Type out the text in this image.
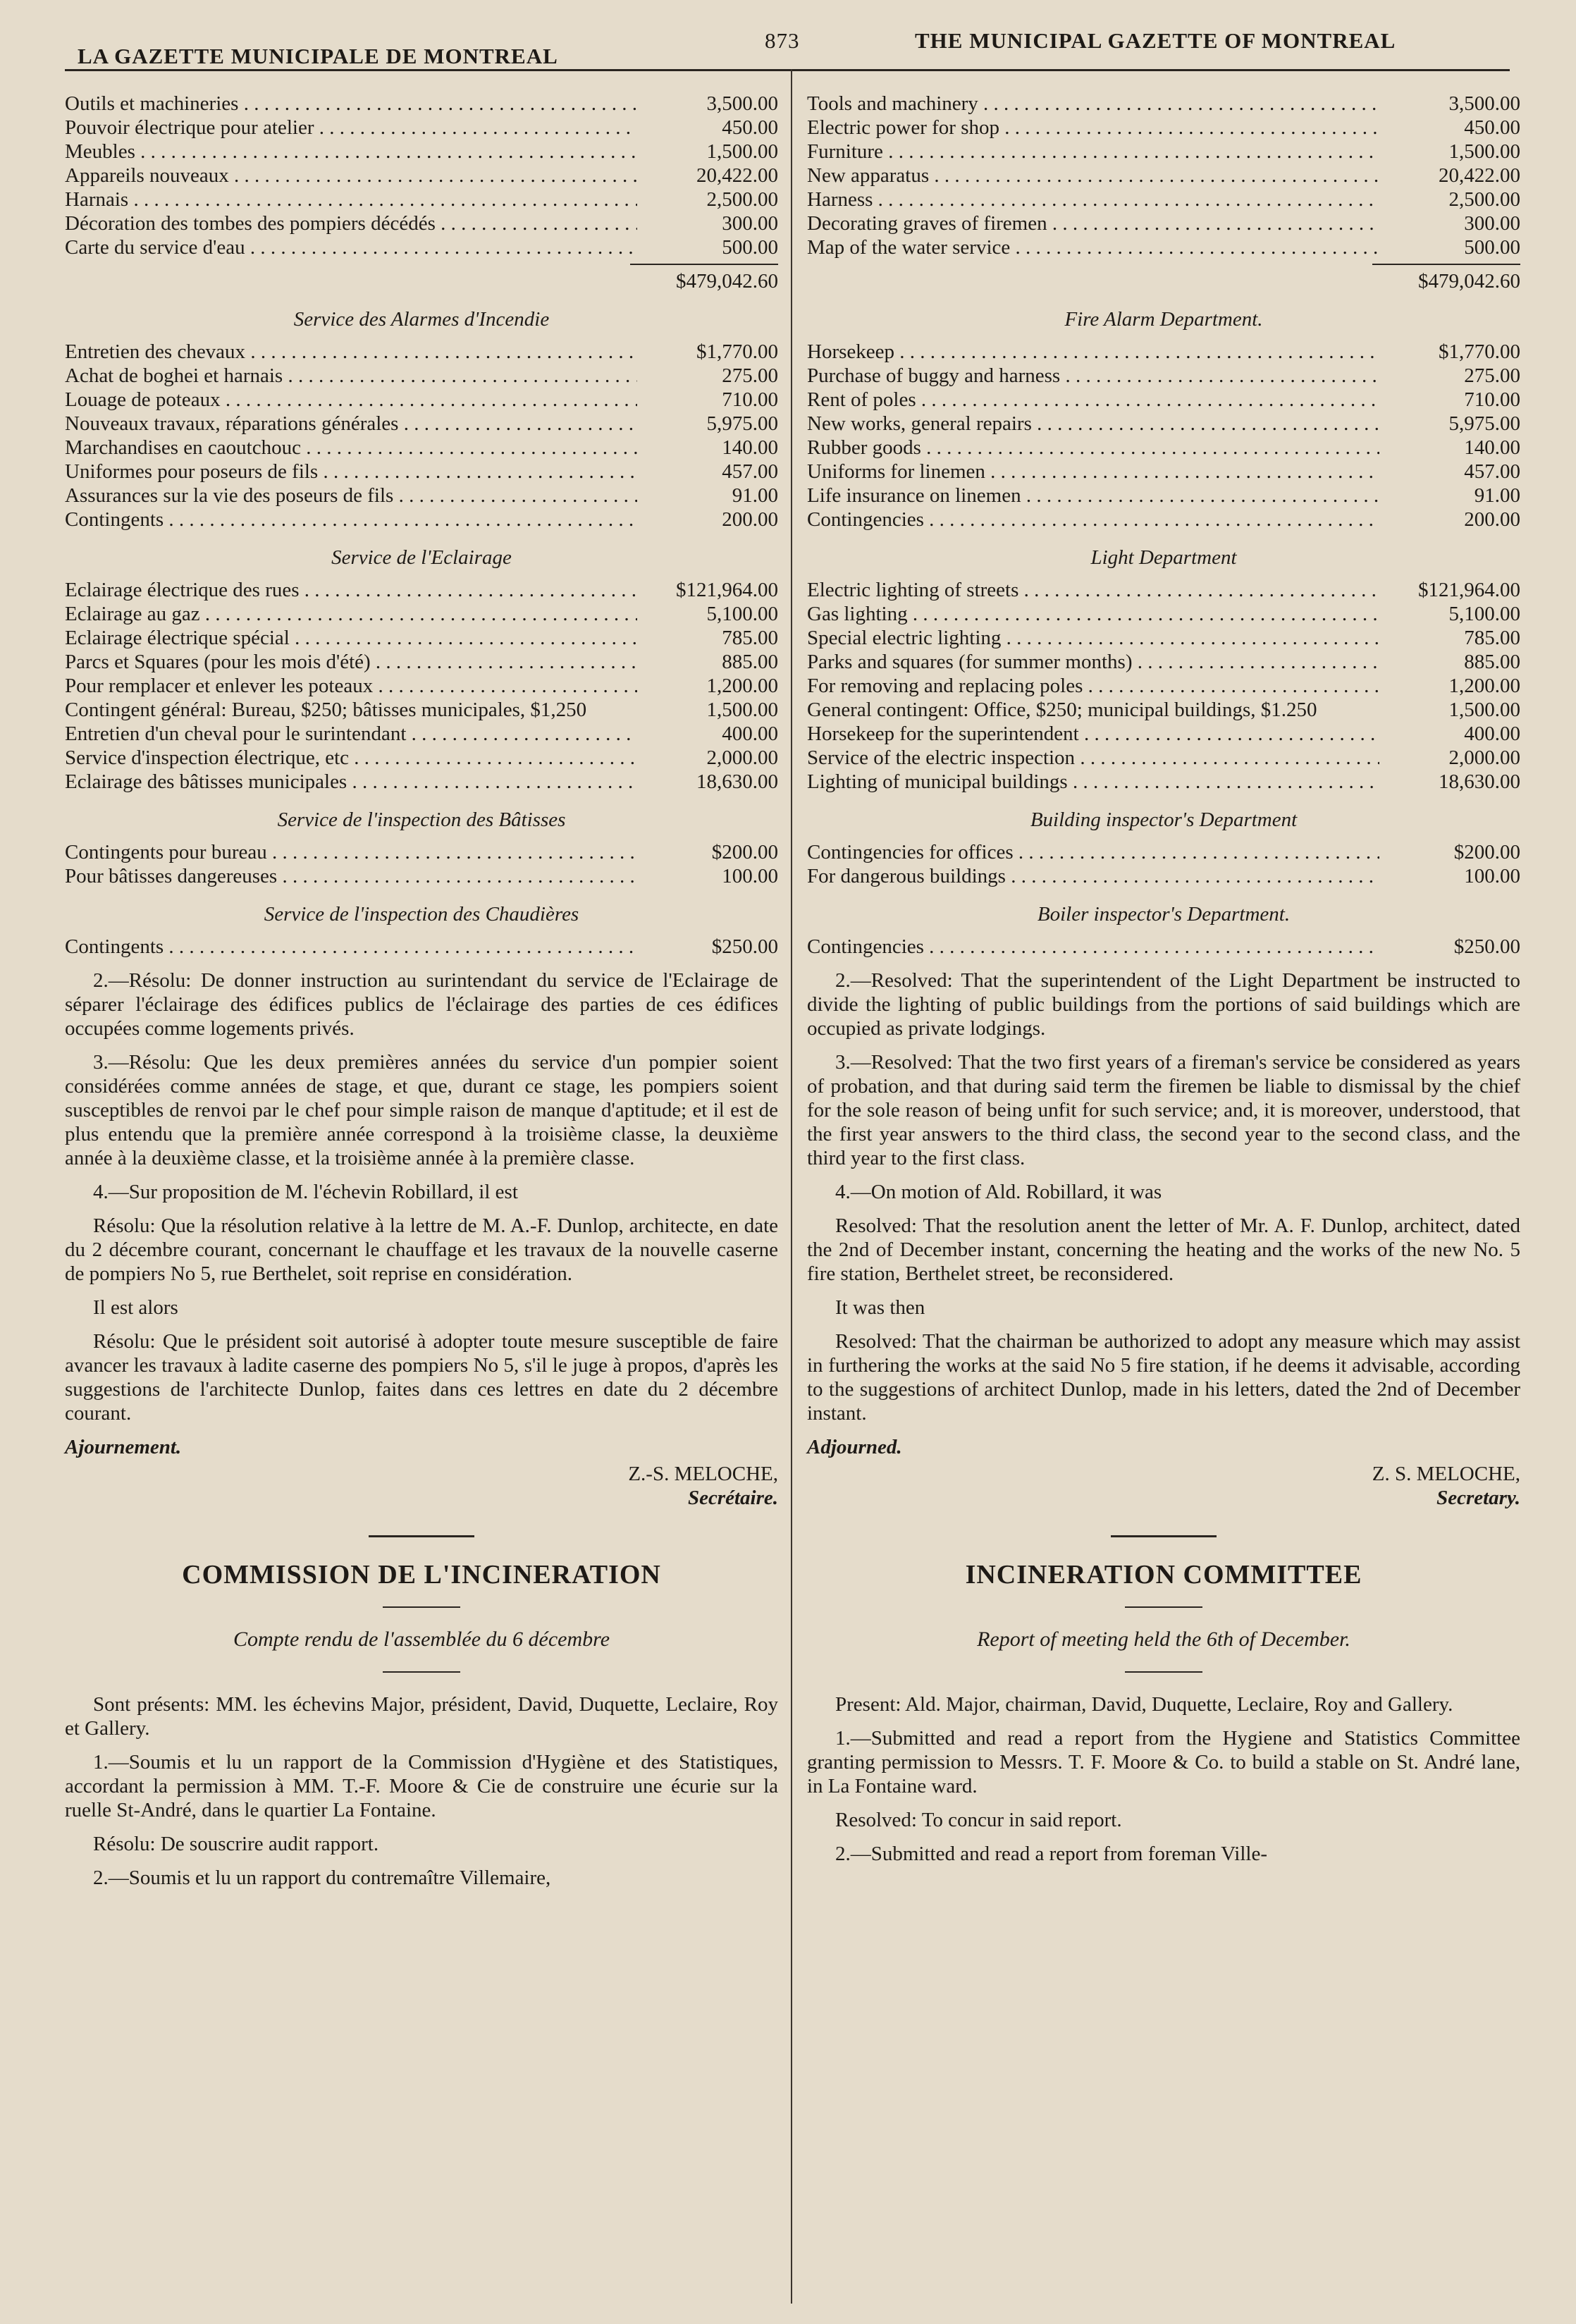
LA GAZETTE MUNICIPALE DE MONTREAL
873	THE MUNICIPAL GAZETTE OF MONTREAL
Outils et machineries . . .	3,500.00
Pouvoir électrique pour atelier . . .	450.00
Meubles . . .	1,500.00
Appareils nouveaux . . .	20,422.00
Harnais . . .	2,500.00
Décoration des tombes des pompiers décédés . . .	300.00
Carte du service d'eau . . .	500.00
$479,042.60
Service des Alarmes d'Incendie
Entretien des chevaux . . .	$1,770.00
Achat de boghei et harnais . . .	275.00
Louage de poteaux . . .	710.00
Nouveaux travaux, réparations générales . . .	5,975.00
Marchandises en caoutchouc . . .	140.00
Uniformes pour poseurs de fils . . .	457.00
Assurances sur la vie des poseurs de fils . . .	91.00
Contingents . . .	200.00
Service de l'Eclairage
Eclairage électrique des rues . . .	$121,964.00
Eclairage au gaz . . .	5,100.00
Eclairage électrique spécial . . .	785.00
Parcs et Squares (pour les mois d'été) . . .	885.00
Pour remplacer et enlever les poteaux . . .	1,200.00
Contingent général: Bureau, $250; bâtisses municipales, $1,250	1,500.00
Entretien d'un cheval pour le surintendant . . .	400.00
Service d'inspection électrique, etc . . .	2,000.00
Eclairage des bâtisses municipales . . .	18,630.00
Service de l'inspection des Bâtisses
Contingents pour bureau . . .	$200.00
Pour bâtisses dangereuses . . .	100.00
Service de l'inspection des Chaudières
Contingents . . .	$250.00

2.—Résolu: De donner instruction au surintendant du service de l'Eclairage de séparer l'éclairage des édifices publics de l'éclairage des parties de ces édifices occupées comme logements privés.

3.—Résolu: Que les deux premières années du service d'un pompier soient considérées comme années de stage, et que, durant ce stage, les pompiers soient susceptibles de renvoi par le chef pour simple raison de manque d'aptitude; et il est de plus entendu que la première année correspond à la troisième classe, la deuxième année à la deuxième classe, et la troisième année à la première classe.

4.—Sur proposition de M. l'échevin Robillard, il est

Résolu: Que la résolution relative à la lettre de M. A.-F. Dunlop, architecte, en date du 2 décembre courant, concernant le chauffage et les travaux de la nouvelle caserne de pompiers No 5, rue Berthelet, soit reprise en considération.

Il est alors

Résolu: Que le président soit autorisé à adopter toute mesure susceptible de faire avancer les travaux à ladite caserne des pompiers No 5, s'il le juge à propos, d'après les suggestions de l'architecte Dunlop, faites dans ces lettres en date du 2 décembre courant.

Ajournement.
Z.-S. MELOCHE,
Secrétaire.
COMMISSION DE L'INCINERATION
Compte rendu de l'assemblée du 6 décembre

Sont présents: MM. les échevins Major, président, David, Duquette, Leclaire, Roy et Gallery.

1.—Soumis et lu un rapport de la Commission d'Hygiène et des Statistiques, accordant la permission à MM. T.-F. Moore & Cie de construire une écurie sur la ruelle St-André, dans le quartier La Fontaine.

Résolu: De souscrire audit rapport.

2.—Soumis et lu un rapport du contremaître Villemaire,

Tools and machinery . . .	3,500.00
Electric power for shop . . .	450.00
Furniture . . .	1,500.00
New apparatus . . .	20,422.00
Harness . . .	2,500.00
Decorating graves of firemen . . .	300.00
Map of the water service . . .	500.00
$479,042.60
Fire Alarm Department.
Horsekeep . . .	$1,770.00
Purchase of buggy and harness . . .	275.00
Rent of poles . . .	710.00
New works, general repairs . . .	5,975.00
Rubber goods . . .	140.00
Uniforms for linemen . . .	457.00
Life insurance on linemen . . .	91.00
Contingencies . . .	200.00
Light Department
Electric lighting of streets . . .	$121,964.00
Gas lighting . . .	5,100.00
Special electric lighting . . .	785.00
Parks and squares (for summer months) . . .	885.00
For removing and replacing poles . . .	1,200.00
General contingent: Office, $250; municipal buildings, $1.250	1,500.00
Horsekeep for the superintendent . . .	400.00
Service of the electric inspection . . .	2,000.00
Lighting of municipal buildings . . .	18,630.00
Building inspector's Department
Contingencies for offices . . .	$200.00
For dangerous buildings . . .	100.00
Boiler inspector's Department.
Contingencies . . .	$250.00

2.—Resolved: That the superintendent of the Light Department be instructed to divide the lighting of public buildings from the portions of said buildings which are occupied as private lodgings.

3.—Resolved: That the two first years of a fireman's service be considered as years of probation, and that during said term the firemen be liable to dismissal by the chief for the sole reason of being unfit for such service; and, it is moreover, understood, that the first year answers to the third class, the second year to the second class, and the third year to the first class.

4.—On motion of Ald. Robillard, it was

Resolved: That the resolution anent the letter of Mr. A. F. Dunlop, architect, dated the 2nd of December instant, concerning the heating and the works of the new No. 5 fire station, Berthelet street, be reconsidered.

It was then

Resolved: That the chairman be authorized to adopt any measure which may assist in furthering the works at the said No 5 fire station, if he deems it advisable, according to the suggestions of architect Dunlop, made in his letters, dated the 2nd of December instant.

Adjourned.
Z. S. MELOCHE,
Secretary.
INCINERATION COMMITTEE
Report of meeting held the 6th of December.

Present: Ald. Major, chairman, David, Duquette, Leclaire, Roy and Gallery.

1.—Submitted and read a report from the Hygiene and Statistics Committee granting permission to Messrs. T. F. Moore & Co. to build a stable on St. André lane, in La Fontaine ward.

Resolved: To concur in said report.

2.—Submitted and read a report from foreman Ville-
